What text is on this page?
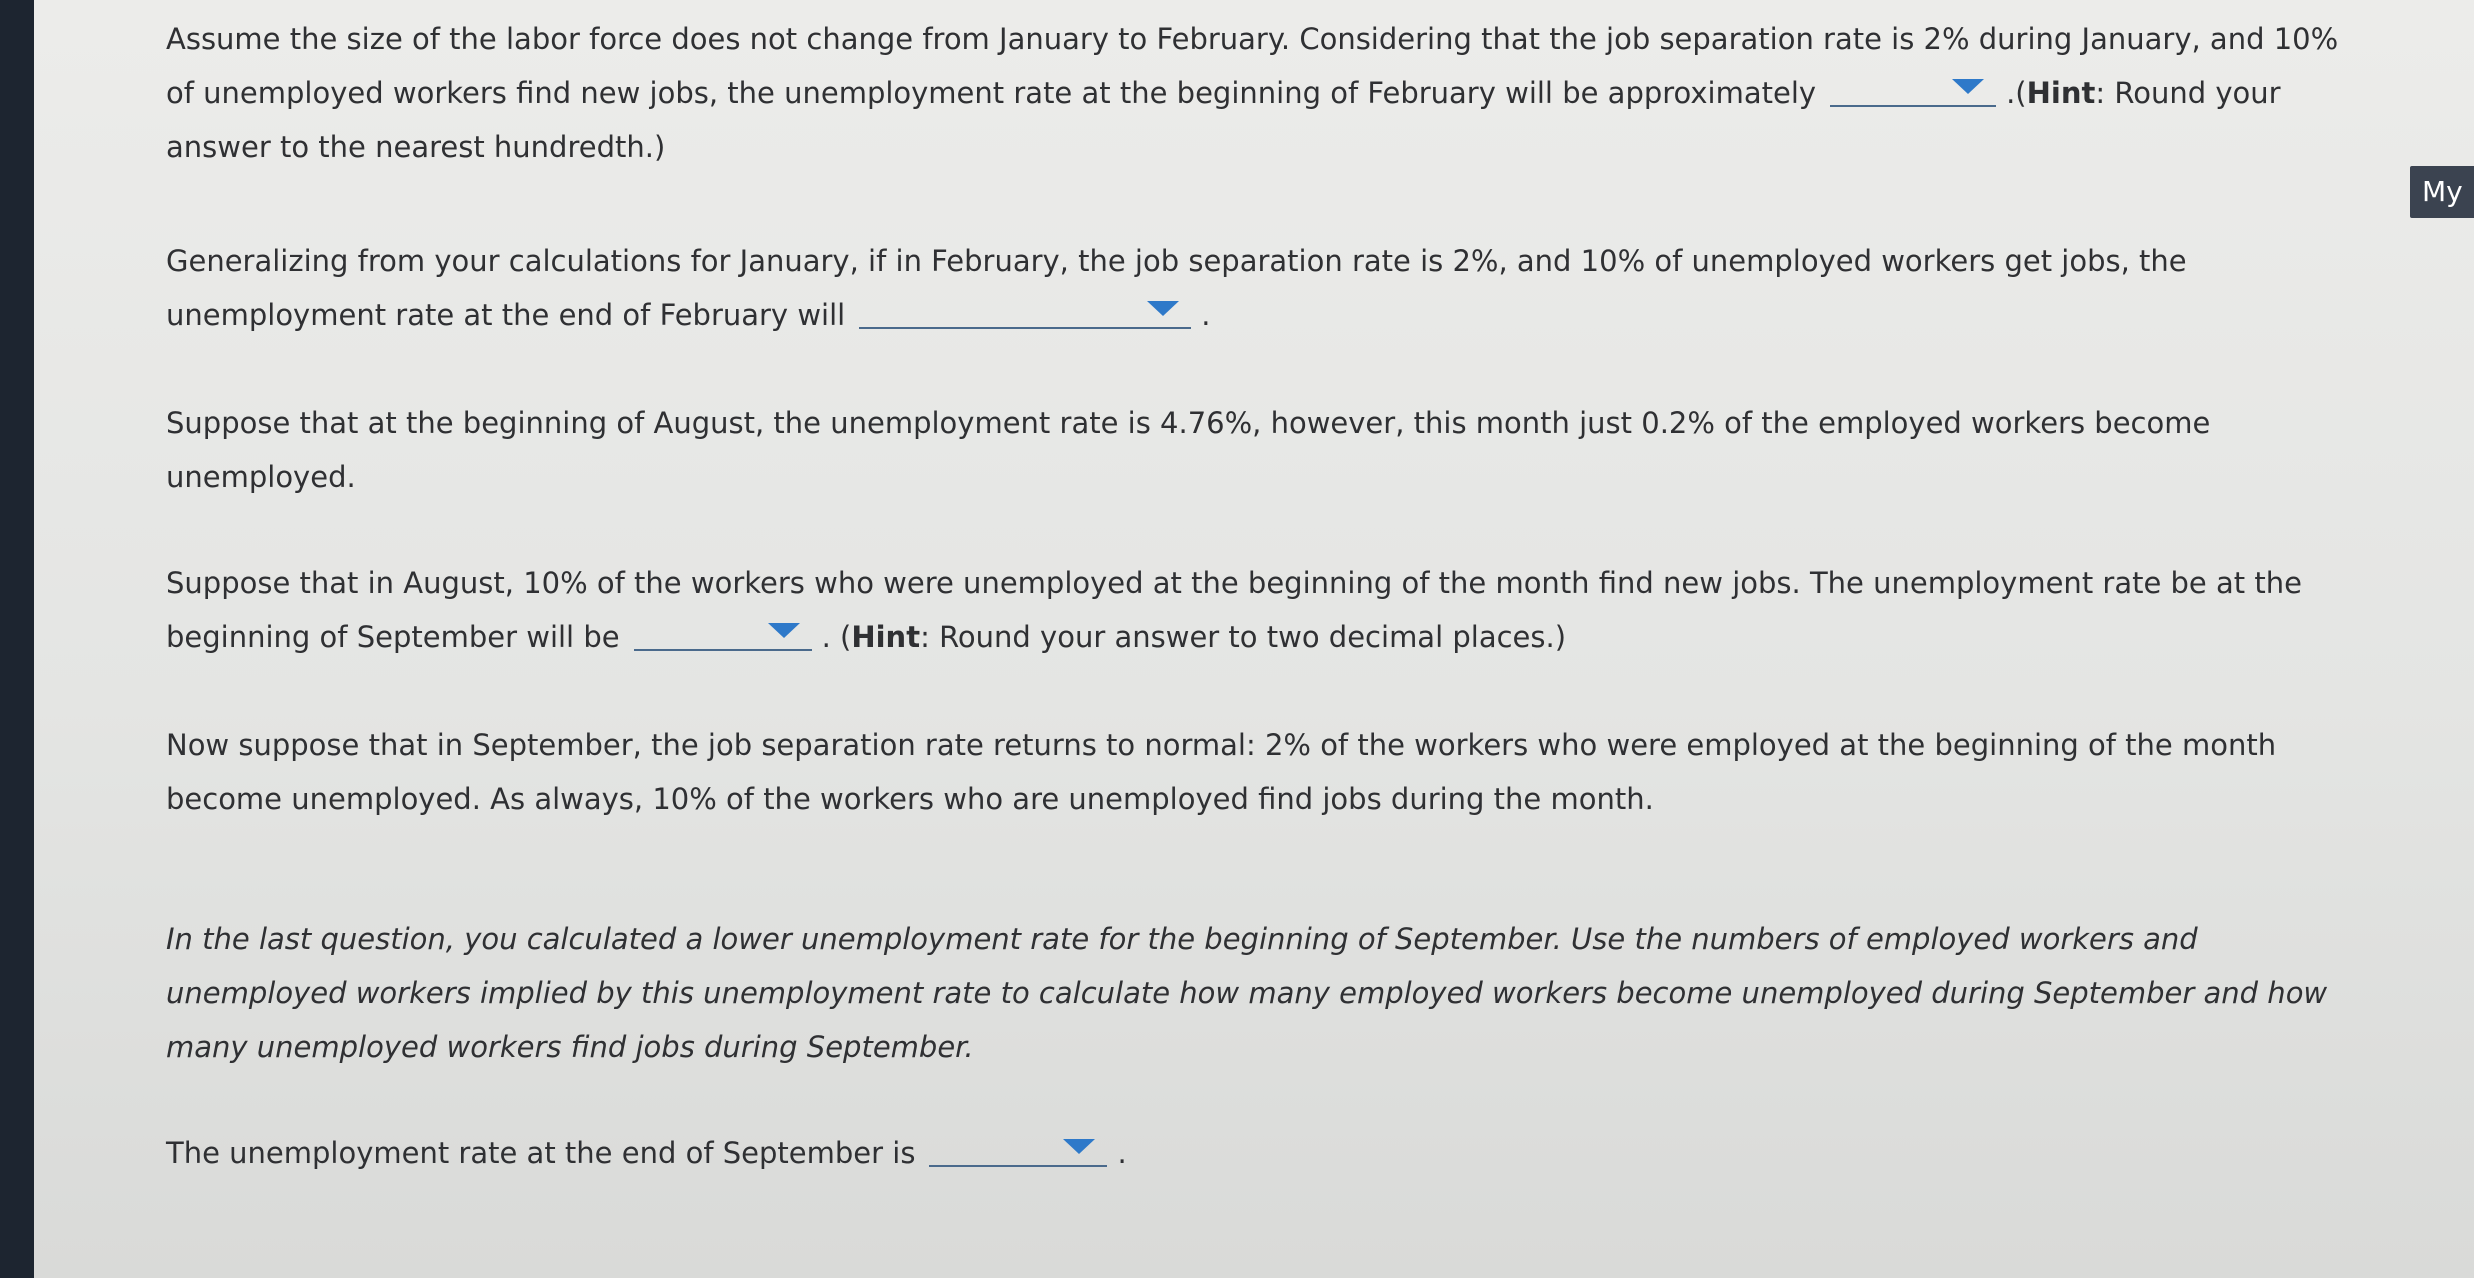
Assume the size of the labor force does not change from January to February. Considering that the job separation rate is 2% during January, and 10% of unemployed workers find new jobs, the unemployment rate at the beginning of February will be approximately	.(Hint: Round your answer to the nearest hundredth.)

Generalizing from your calculations for January, if in February, the job separation rate is 2%, and 10% of unemployed workers get jobs, the unemployment rate at the end of February will	.

Suppose that at the beginning of August, the unemployment rate is 4.76%, however, this month just 0.2% of the employed workers become unemployed.

Suppose that in August, 10% of the workers who were unemployed at the beginning of the month find new jobs. The unemployment rate be at the beginning of September will be	. (Hint: Round your answer to two decimal places.)

Now suppose that in September, the job separation rate returns to normal: 2% of the workers who were employed at the beginning of the month become unemployed. As always, 10% of the workers who are unemployed find jobs during the month.

In the last question, you calculated a lower unemployment rate for the beginning of September. Use the numbers of employed workers and unemployed workers implied by this unemployment rate to calculate how many employed workers become unemployed during September and how many unemployed workers find jobs during September.

The unemployment rate at the end of September is	.

My
